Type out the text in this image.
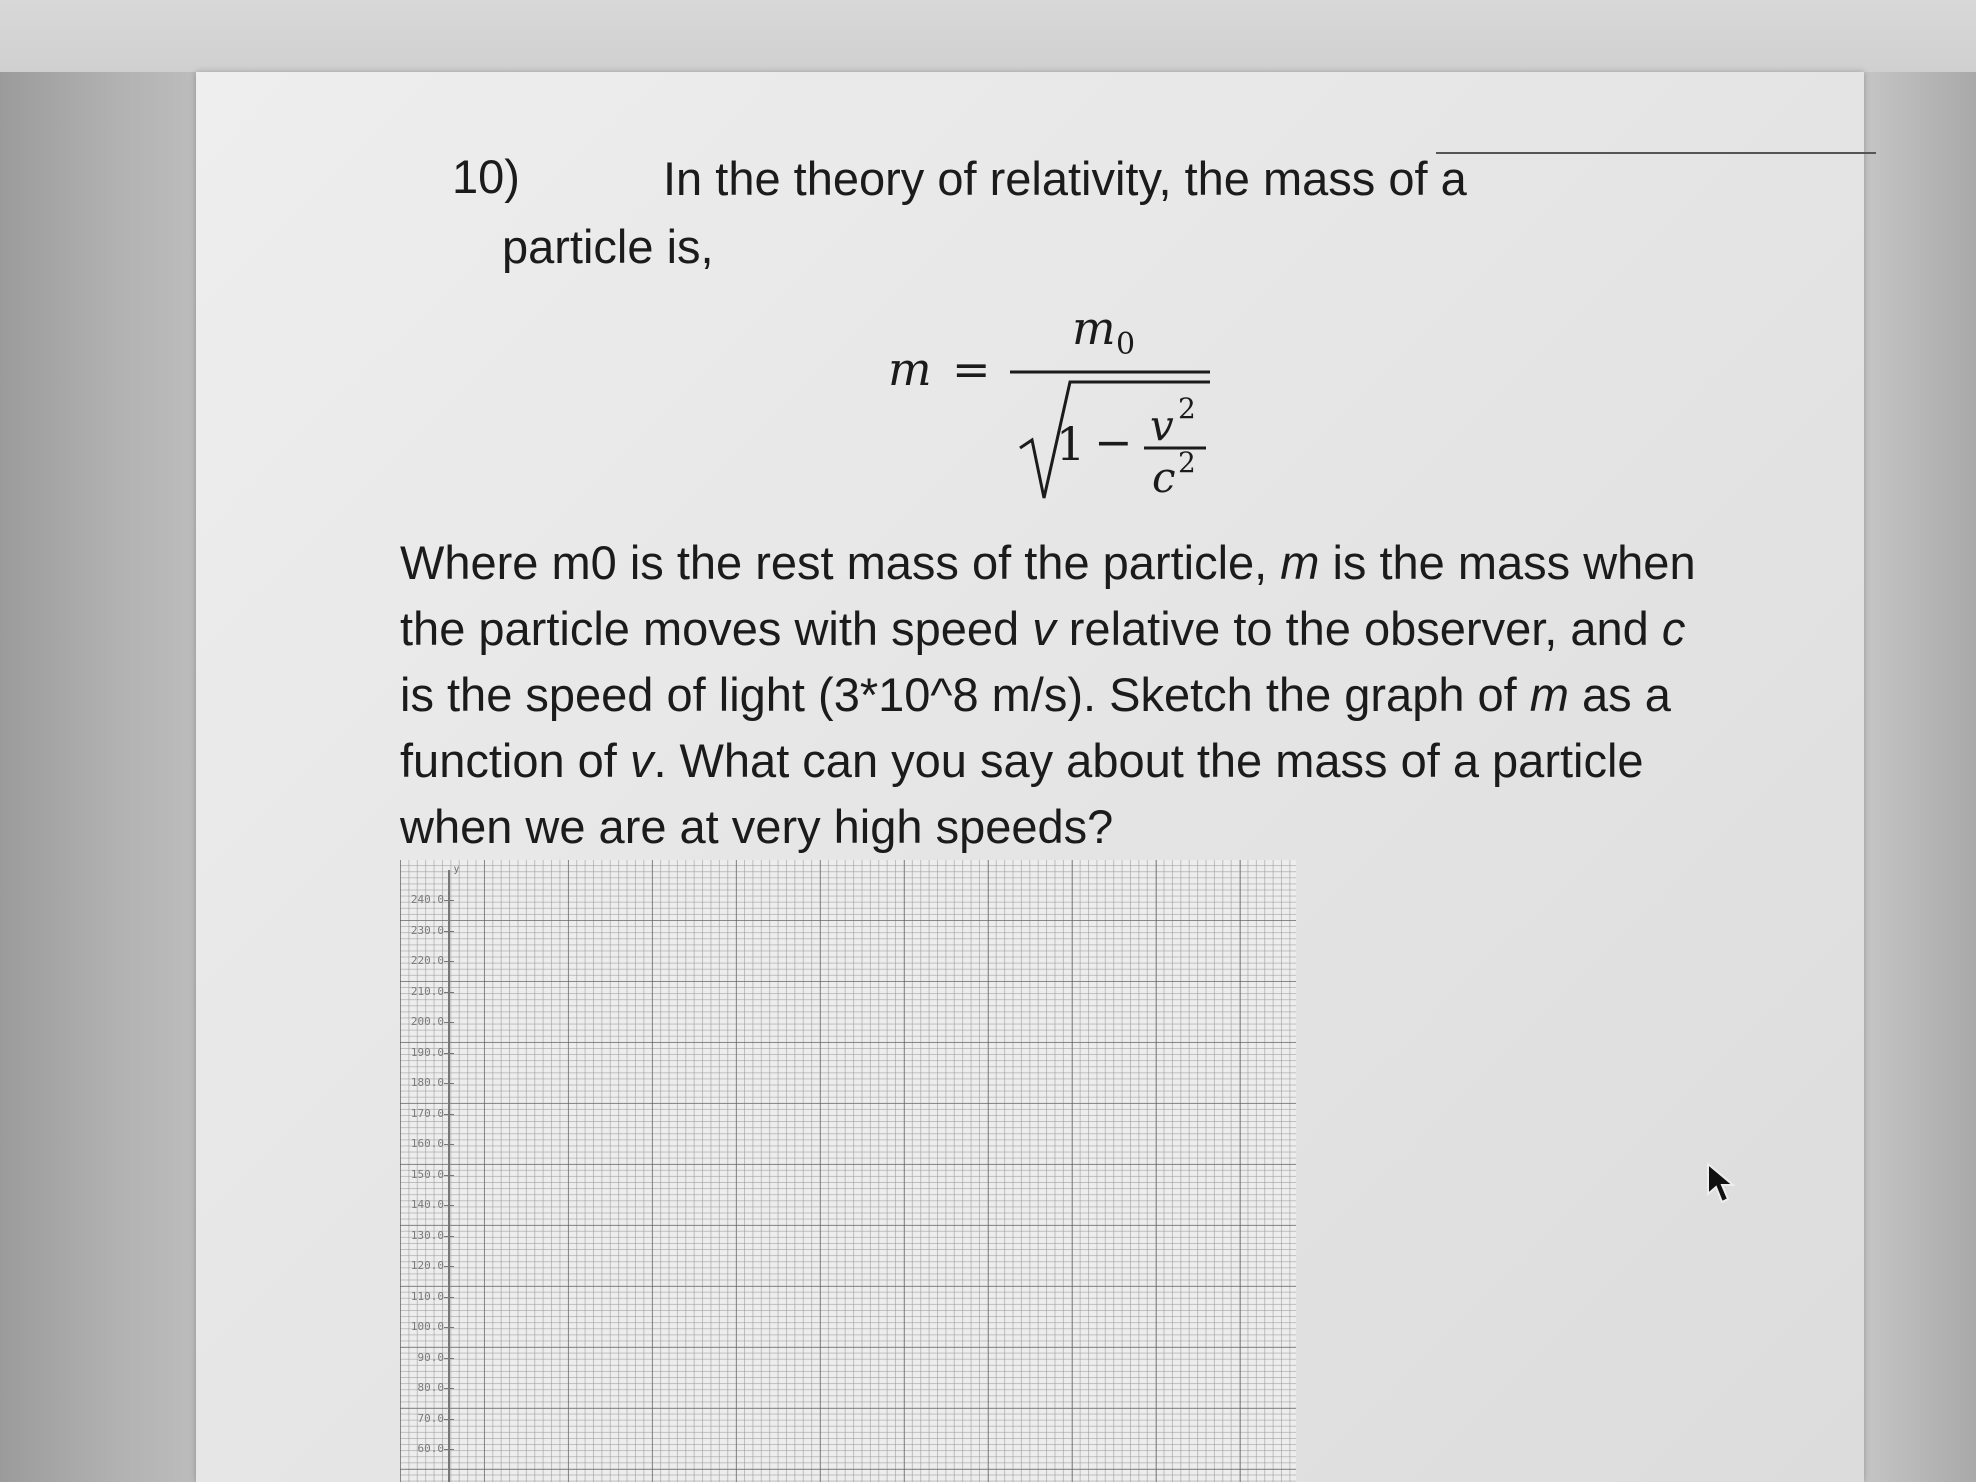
10)	In the theory of relativity, the mass of a
particle is,
m =
m 0
1 − v 2
c 2
Where m0 is the rest mass of the particle, m is the mass when
the particle moves with speed v relative to the observer, and c
is the speed of light (3*10^8 m/s). Sketch the graph of m as a
function of v. What can you say about the mass of a particle
when we are at very high speeds?
y
240.0
230.0
220.0
210.0
200.0
190.0
180.0
170.0
160.0
150.0
140.0
130.0
120.0
110.0
100.0
90.0
80.0
70.0
60.0
